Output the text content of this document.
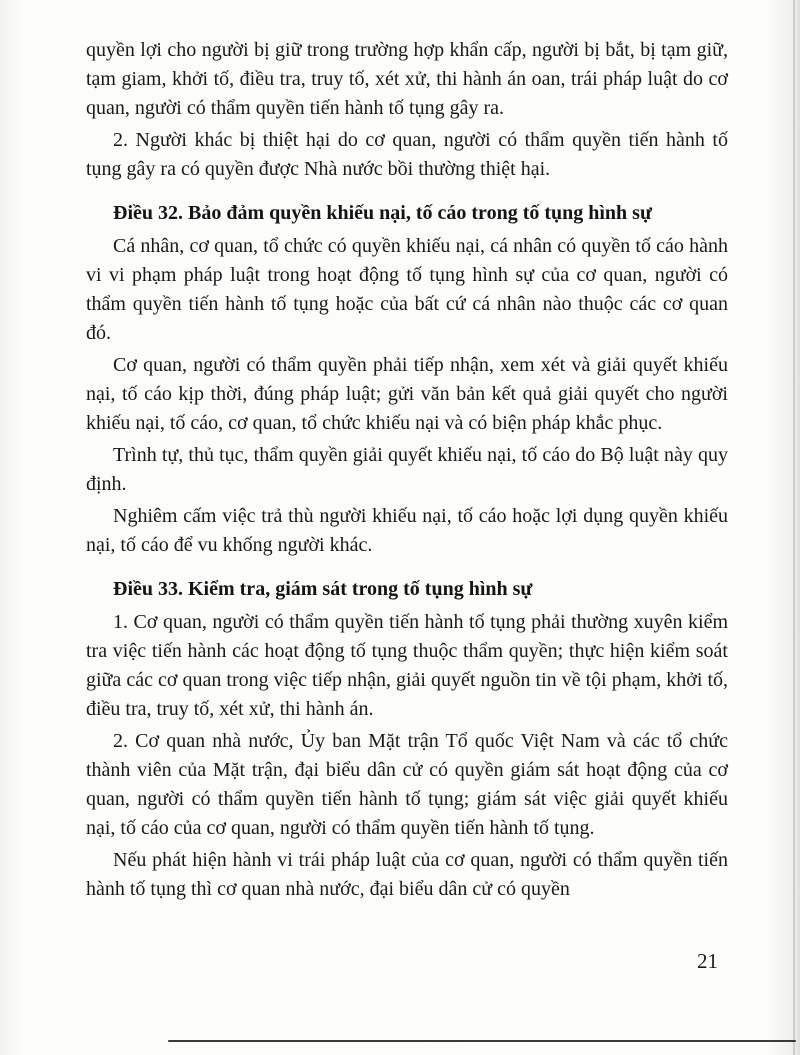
quyền lợi cho người bị giữ trong trường hợp khẩn cấp, người bị bắt, bị tạm giữ, tạm giam, khởi tố, điều tra, truy tố, xét xử, thi hành án oan, trái pháp luật do cơ quan, người có thẩm quyền tiến hành tố tụng gây ra.

2. Người khác bị thiệt hại do cơ quan, người có thẩm quyền tiến hành tố tụng gây ra có quyền được Nhà nước bồi thường thiệt hại.

Điều 32. Bảo đảm quyền khiếu nại, tố cáo trong tố tụng hình sự

Cá nhân, cơ quan, tổ chức có quyền khiếu nại, cá nhân có quyền tố cáo hành vi vi phạm pháp luật trong hoạt động tố tụng hình sự của cơ quan, người có thẩm quyền tiến hành tố tụng hoặc của bất cứ cá nhân nào thuộc các cơ quan đó.

Cơ quan, người có thẩm quyền phải tiếp nhận, xem xét và giải quyết khiếu nại, tố cáo kịp thời, đúng pháp luật; gửi văn bản kết quả giải quyết cho người khiếu nại, tố cáo, cơ quan, tổ chức khiếu nại và có biện pháp khắc phục.

Trình tự, thủ tục, thẩm quyền giải quyết khiếu nại, tố cáo do Bộ luật này quy định.

Nghiêm cấm việc trả thù người khiếu nại, tố cáo hoặc lợi dụng quyền khiếu nại, tố cáo để vu khống người khác.

Điều 33. Kiểm tra, giám sát trong tố tụng hình sự

1. Cơ quan, người có thẩm quyền tiến hành tố tụng phải thường xuyên kiểm tra việc tiến hành các hoạt động tố tụng thuộc thẩm quyền; thực hiện kiểm soát giữa các cơ quan trong việc tiếp nhận, giải quyết nguồn tin về tội phạm, khởi tố, điều tra, truy tố, xét xử, thi hành án.

2. Cơ quan nhà nước, Ủy ban Mặt trận Tổ quốc Việt Nam và các tổ chức thành viên của Mặt trận, đại biểu dân cử có quyền giám sát hoạt động của cơ quan, người có thẩm quyền tiến hành tố tụng; giám sát việc giải quyết khiếu nại, tố cáo của cơ quan, người có thẩm quyền tiến hành tố tụng.

Nếu phát hiện hành vi trái pháp luật của cơ quan, người có thẩm quyền tiến hành tố tụng thì cơ quan nhà nước, đại biểu dân cử có quyền

21
